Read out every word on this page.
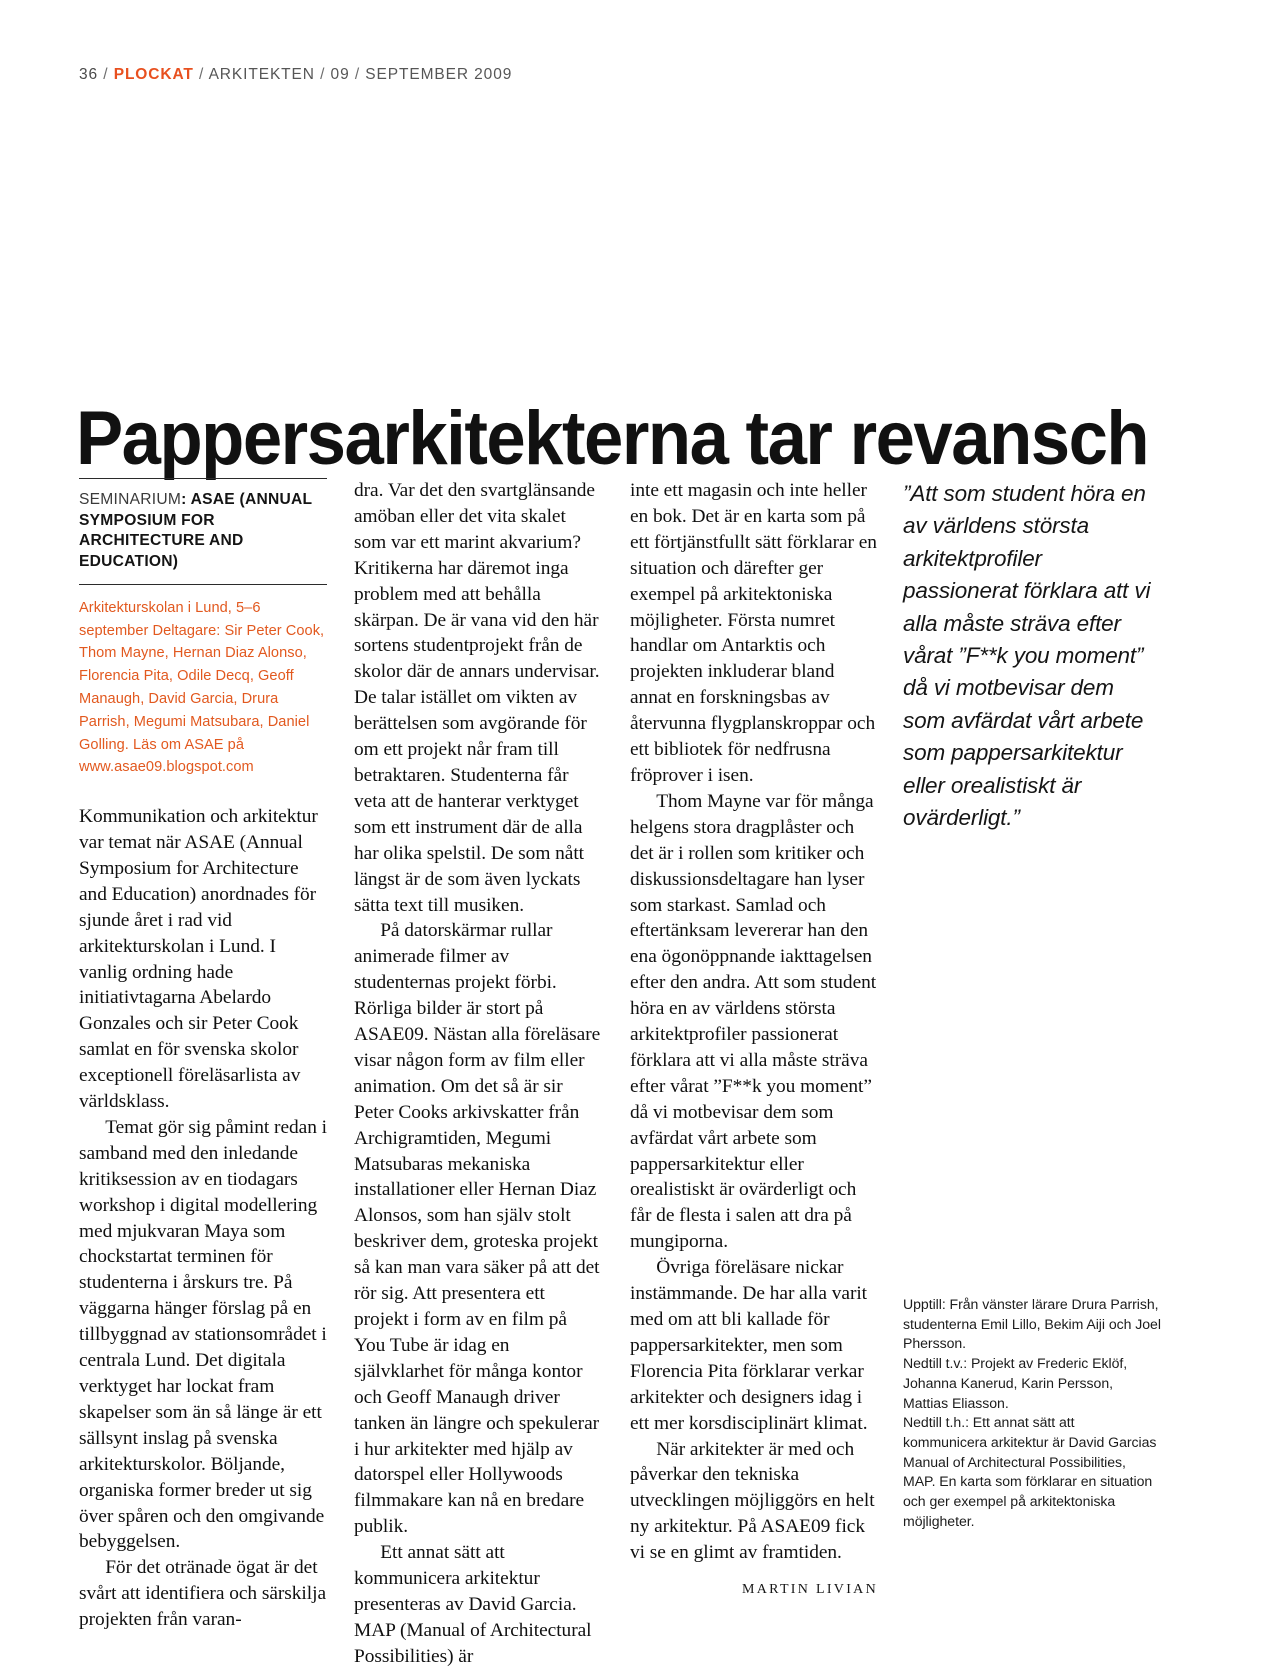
36 / PLOCKAT / ARKITEKTEN / 09 / SEPTEMBER 2009
Pappersarkitekterna tar revansch
SEMINARIUM: ASAE (ANNUAL SYMPOSIUM FOR ARCHITECTURE AND EDUCATION)
Arkitekturskolan i Lund, 5–6 september Deltagare: Sir Peter Cook, Thom Mayne, Hernan Diaz Alonso, Florencia Pita, Odile Decq, Geoff Manaugh, David Garcia, Drura Parrish, Megumi Matsubara, Daniel Golling. Läs om ASAE på www.asae09.blogspot.com

Kommunikation och arkitektur var temat när ASAE (Annual Symposium for Architecture and Education) anordnades för sjunde året i rad vid arkitekturskolan i Lund. I vanlig ordning hade initiativtagarna Abelardo Gonzales och sir Peter Cook samlat en för svenska skolor exceptionell föreläsarlista av världsklass.

Temat gör sig påmint redan i samband med den inledande kritiksession av en tiodagars workshop i digital modellering med mjukvaran Maya som chockstartat terminen för studenterna i årskurs tre. På väggarna hänger förslag på en tillbyggnad av stationsområdet i centrala Lund. Det digitala verktyget har lockat fram skapelser som än så länge är ett sällsynt inslag på svenska arkitekturskolor. Böljande, organiska former breder ut sig över spåren och den omgivande bebyggelsen.

För det otränade ögat är det svårt att identifiera och särskilja projekten från varan-

dra. Var det den svartglänsande amöban eller det vita skalet som var ett marint akvarium? Kritikerna har däremot inga problem med att behålla skärpan. De är vana vid den här sortens studentprojekt från de skolor där de annars undervisar. De talar istället om vikten av berättelsen som avgörande för om ett projekt når fram till betraktaren. Studenterna får veta att de hanterar verktyget som ett instrument där de alla har olika spelstil. De som nått längst är de som även lyckats sätta text till musiken.

På datorskärmar rullar animerade filmer av studenternas projekt förbi. Rörliga bilder är stort på ASAE09. Nästan alla föreläsare visar någon form av film eller animation. Om det så är sir Peter Cooks arkivskatter från Archigramtiden, Megumi Matsubaras mekaniska installationer eller Hernan Diaz Alonsos, som han själv stolt beskriver dem, groteska projekt så kan man vara säker på att det rör sig. Att presentera ett projekt i form av en film på You Tube är idag en självklarhet för många kontor och Geoff Manaugh driver tanken än längre och spekulerar i hur arkitekter med hjälp av datorspel eller Hollywoods filmmakare kan nå en bredare publik.

Ett annat sätt att kommunicera arkitektur presenteras av David Garcia. MAP (Manual of Architectural Possibilities) är

inte ett magasin och inte heller en bok. Det är en karta som på ett förtjänstfullt sätt förklarar en situation och därefter ger exempel på arkitektoniska möjligheter. Första numret handlar om Antarktis och projekten inkluderar bland annat en forskningsbas av återvunna flygplanskroppar och ett bibliotek för nedfrusna fröprover i isen.

Thom Mayne var för många helgens stora dragplåster och det är i rollen som kritiker och diskussionsdeltagare han lyser som starkast. Samlad och eftertänksam levererar han den ena ögonöppnande iakttagelsen efter den andra. Att som student höra en av världens största arkitektprofiler passionerat förklara att vi alla måste sträva efter vårat ”F**k you moment” då vi motbevisar dem som avfärdat vårt arbete som pappersarkitektur eller orealistiskt är ovärderligt och får de flesta i salen att dra på mungiporna.

Övriga föreläsare nickar instämmande. De har alla varit med om att bli kallade för pappersarkitekter, men som Florencia Pita förklarar verkar arkitekter och designers idag i ett mer korsdisciplinärt klimat.

När arkitekter är med och påverkar den tekniska utvecklingen möjliggörs en helt ny arkitektur. På ASAE09 fick vi se en glimt av framtiden.

MARTIN LIVIAN
”Att som student höra en av världens största arkitektprofiler passionerat förklara att vi alla måste sträva efter vårat ”F**k you moment” då vi motbevisar dem som avfärdat vårt arbete som pappersarkitektur eller orealistiskt är ovärderligt.”

Upptill: Från vänster lärare Drura Parrish, studenterna Emil Lillo, Bekim Aiji och Joel Phersson.

Nedtill t.v.: Projekt av Frederic Eklöf, Johanna Kanerud, Karin Persson, Mattias Eliasson.

Nedtill t.h.: Ett annat sätt att kommunicera arkitektur är David Garcias Manual of Architectural Possibilities, MAP. En karta som förklarar en situation och ger exempel på arkitektoniska möjligheter.
